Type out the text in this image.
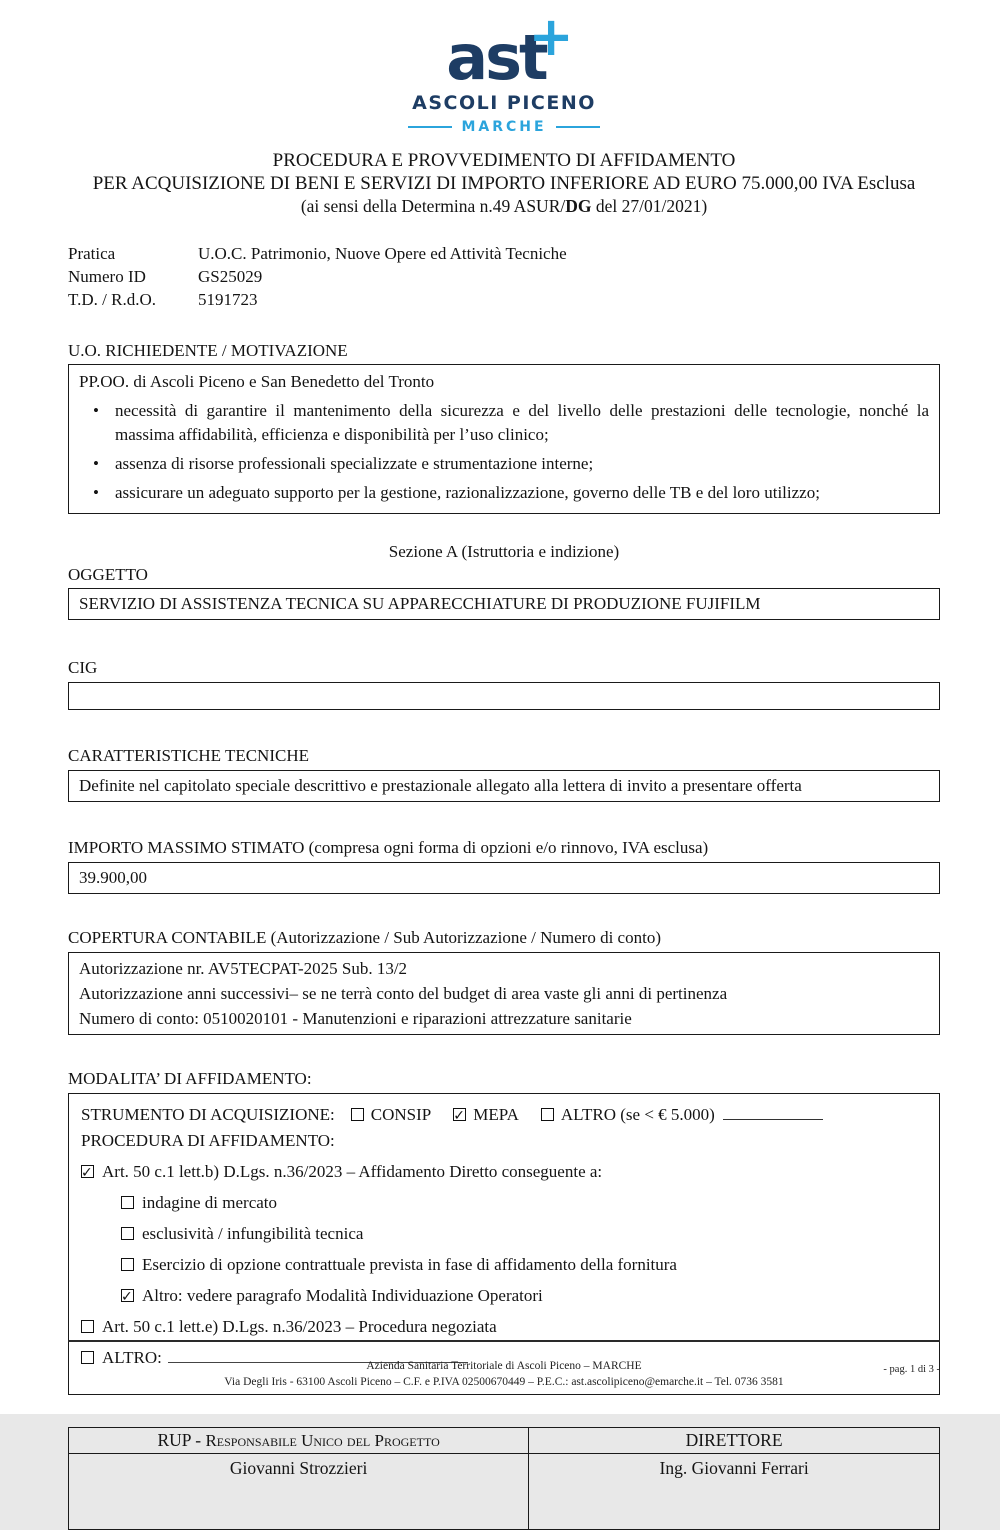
ast
+
ASCOLI PICENO
MARCHE
PROCEDURA E PROVVEDIMENTO DI AFFIDAMENTO
PER ACQUISIZIONE DI BENI E SERVIZI DI IMPORTO INFERIORE AD EURO 75.000,00 IVA Esclusa
(ai sensi della Determina n.49 ASUR/DG del 27/01/2021)
Pratica	U.O.C. Patrimonio, Nuove Opere ed Attività Tecniche
Numero ID	GS25029
T.D. / R.d.O.	5191723
U.O. RICHIEDENTE / MOTIVAZIONE
PP.OO. di Ascoli Piceno e San Benedetto del Tronto
•
necessità di garantire il mantenimento della sicurezza e del livello delle prestazioni delle tecnologie, nonché la massima affidabilità, efficienza e disponibilità per l’uso clinico;
•
assenza di risorse professionali specializzate e strumentazione interne;
•
assicurare un adeguato supporto per la gestione, razionalizzazione, governo delle TB e del loro utilizzo;
Sezione A (Istruttoria e indizione)
OGGETTO
SERVIZIO DI ASSISTENZA TECNICA SU APPARECCHIATURE DI PRODUZIONE FUJIFILM
CIG
CARATTERISTICHE TECNICHE
Definite nel capitolato speciale descrittivo e prestazionale allegato alla lettera di invito a presentare offerta
IMPORTO MASSIMO STIMATO (compresa ogni forma di opzioni e/o rinnovo, IVA esclusa)
39.900,00
COPERTURA CONTABILE (Autorizzazione / Sub Autorizzazione / Numero di conto)
Autorizzazione nr. AV5TECPAT-2025 Sub. 13/2
Autorizzazione anni successivi– se ne terrà conto del budget di area vaste gli anni di pertinenza
Numero di conto: 0510020101 - Manutenzioni e riparazioni attrezzature sanitarie
MODALITA’ DI AFFIDAMENTO:
STRUMENTO DI ACQUISIZIONE: CONSIP ✓ MEPA ALTRO (se < € 5.000)
PROCEDURA DI AFFIDAMENTO:
✓Art. 50 c.1 lett.b) D.Lgs. n.36/2023 – Affidamento Diretto conseguente a:
indagine di mercato
esclusività / infungibilità tecnica
Esercizio di opzione contrattuale prevista in fase di affidamento della fornitura
✓Altro: vedere paragrafo Modalità Individuazione Operatori
Art. 50 c.1 lett.e) D.Lgs. n.36/2023 – Procedura negoziata
ALTRO:
RUP - Responsabile Unico del Progetto	DIRETTORE
Giovanni Strozzieri	Ing. Giovanni Ferrari
Azienda Sanitaria Territoriale di Ascoli Piceno – MARCHE
Via Degli Iris - 63100 Ascoli Piceno – C.F. e P.IVA 02500670449 – P.E.C.: ast.ascolipiceno@emarche.it – Tel. 0736 3581
- pag. 1 di 3 -
